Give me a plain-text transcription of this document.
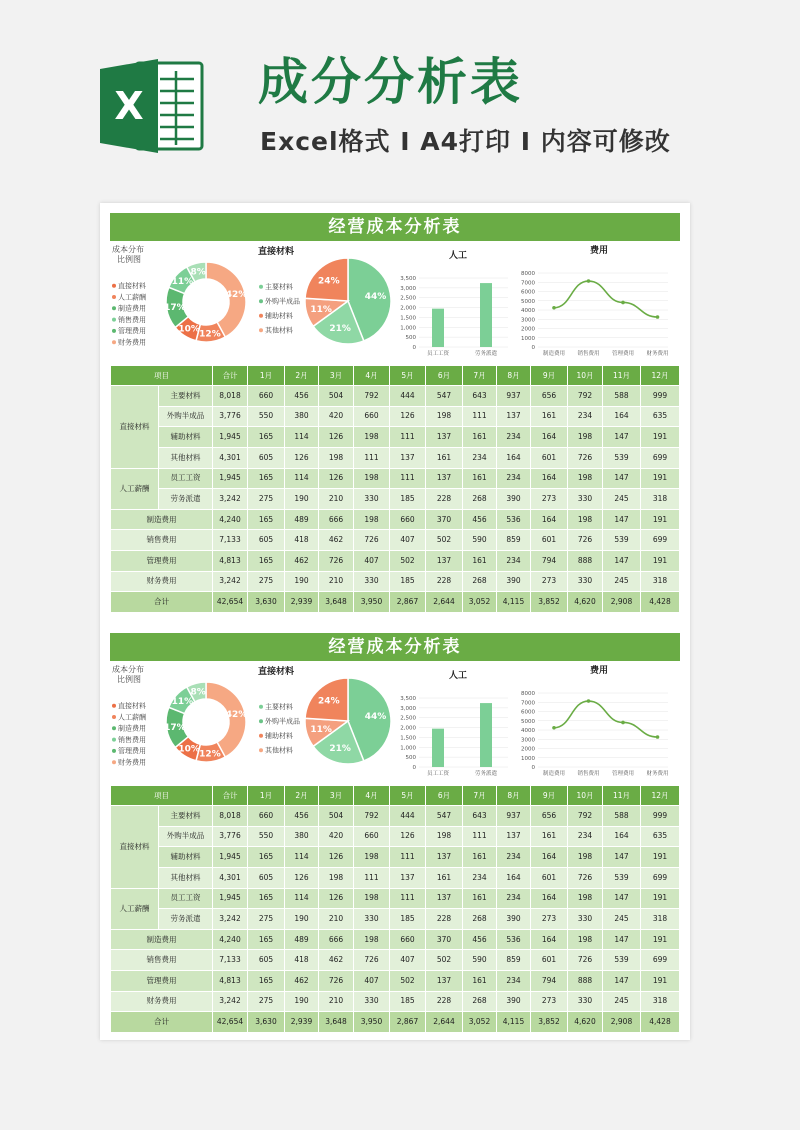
X 成分分析表
Excel格式 I A4打印 I 内容可修改
经营成本分析表
成本分布
比例图
直接材料
人工薪酬
制造费用
销售费用
管理费用
财务费用
42%
12%
10%
17%
11%
8%
直接材料
主要材料
外购半成品
辅助材料
其他材料
44%
21%
11%
24%
人工
3,500
3,000
2,500
2,000
1,500
1,000
500
0
员工工资	劳务派遣
费用
8000
7000
6000
5000
4000
3000
2000
1000
0
制造费用 销售费用 管理费用 财务费用
项目		合计	1月	2月	3月	4月	5月	6月	7月	8月	9月	10月	11月	12月
直接材料	主要材料	8,018	660	456	504	792	444	547	643	937	656	792	588	999
	外购半成品	3,776	550	380	420	660	126	198	111	137	161	234	164	635
	辅助材料	1,945	165	114	126	198	111	137	161	234	164	198	147	191
	其他材料	4,301	605	126	198	111	137	161	234	164	601	726	539	699
人工薪酬	员工工资	1,945	165	114	126	198	111	137	161	234	164	198	147	191
	劳务派遣	3,242	275	190	210	330	185	228	268	390	273	330	245	318
制造费用		4,240	165	489	666	198	660	370	456	536	164	198	147	191
销售费用		7,133	605	418	462	726	407	502	590	859	601	726	539	699
管理费用		4,813	165	462	726	407	502	137	161	234	794	888	147	191
财务费用		3,242	275	190	210	330	185	228	268	390	273	330	245	318
合计		42,654	3,630	2,939	3,648	3,950	2,867	2,644	3,052	4,115	3,852	4,620	2,908	4,428
经营成本分析表
成本分布
比例图
直接材料
人工薪酬
制造费用
销售费用
管理费用
财务费用
42%
12%
10%
17%
11%
8%
直接材料
主要材料
外购半成品
辅助材料
其他材料
44%
21%
11%
24%
人工
3,500
3,000
2,500
2,000
1,500
1,000
500
0
员工工资	劳务派遣
费用
8000
7000
6000
5000
4000
3000
2000
1000
0
制造费用 销售费用 管理费用 财务费用
项目		合计	1月	2月	3月	4月	5月	6月	7月	8月	9月	10月	11月	12月
直接材料	主要材料	8,018	660	456	504	792	444	547	643	937	656	792	588	999
	外购半成品	3,776	550	380	420	660	126	198	111	137	161	234	164	635
	辅助材料	1,945	165	114	126	198	111	137	161	234	164	198	147	191
	其他材料	4,301	605	126	198	111	137	161	234	164	601	726	539	699
人工薪酬	员工工资	1,945	165	114	126	198	111	137	161	234	164	198	147	191
	劳务派遣	3,242	275	190	210	330	185	228	268	390	273	330	245	318
制造费用		4,240	165	489	666	198	660	370	456	536	164	198	147	191
销售费用		7,133	605	418	462	726	407	502	590	859	601	726	539	699
管理费用		4,813	165	462	726	407	502	137	161	234	794	888	147	191
财务费用		3,242	275	190	210	330	185	228	268	390	273	330	245	318
合计		42,654	3,630	2,939	3,648	3,950	2,867	2,644	3,052	4,115	3,852	4,620	2,908	4,428
